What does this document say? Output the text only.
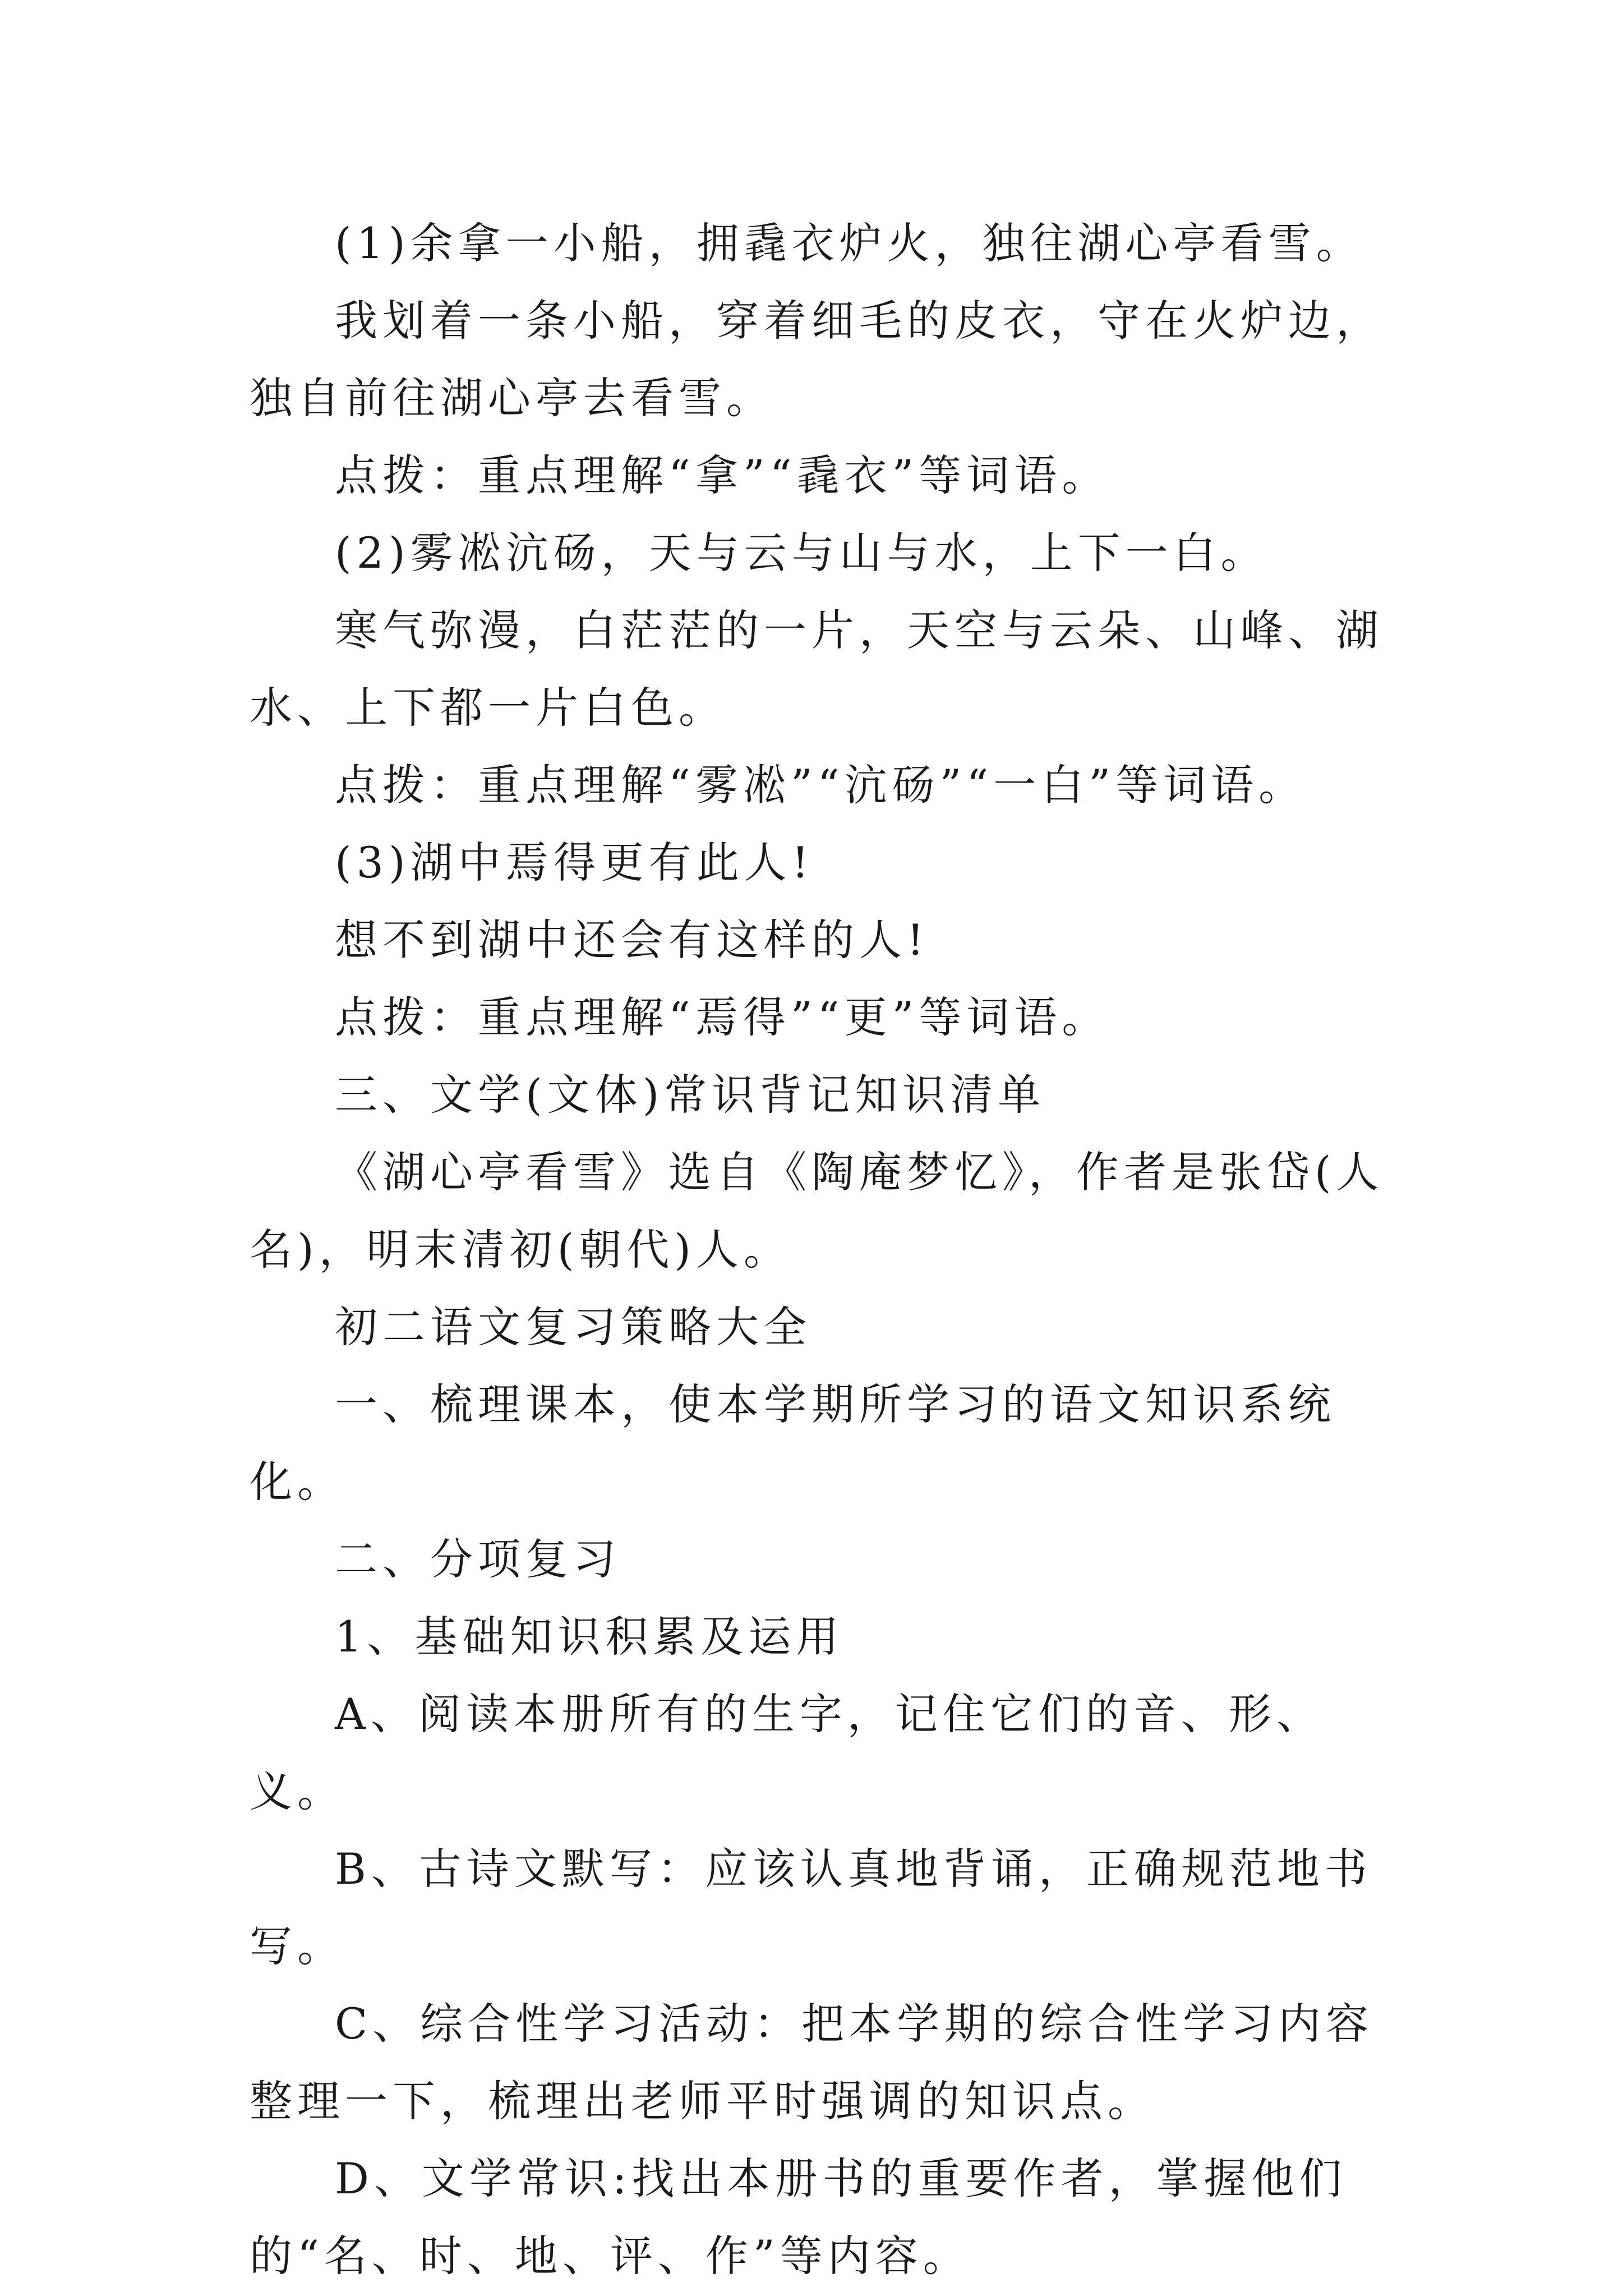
(1)余拿一小船，拥毳衣炉火，独往湖心亭看雪。

我划着一条小船，穿着细毛的皮衣，守在火炉边，独自前往湖心亭去看雪。

点拨：重点理解“拿”“毳衣”等词语。

(2)雾凇沆砀，天与云与山与水，上下一白。

寒气弥漫，白茫茫的一片，天空与云朵、山峰、湖水、上下都一片白色。

点拨：重点理解“雾凇”“沆砀”“一白”等词语。

(3)湖中焉得更有此人!

想不到湖中还会有这样的人!

点拨：重点理解“焉得”“更”等词语。

三、文学(文体)常识背记知识清单

《湖心亭看雪》选自《陶庵梦忆》，作者是张岱(人名)，明末清初(朝代)人。

初二语文复习策略大全

一、梳理课本，使本学期所学习的语文知识系统化。

二、分项复习

1、基础知识积累及运用

A、阅读本册所有的生字，记住它们的音、形、义。

B、古诗文默写：应该认真地背诵，正确规范地书写。

C、综合性学习活动：把本学期的综合性学习内容整理一下，梳理出老师平时强调的知识点。

D、文学常识:找出本册书的重要作者，掌握他们的“名、时、地、评、作”等内容。
